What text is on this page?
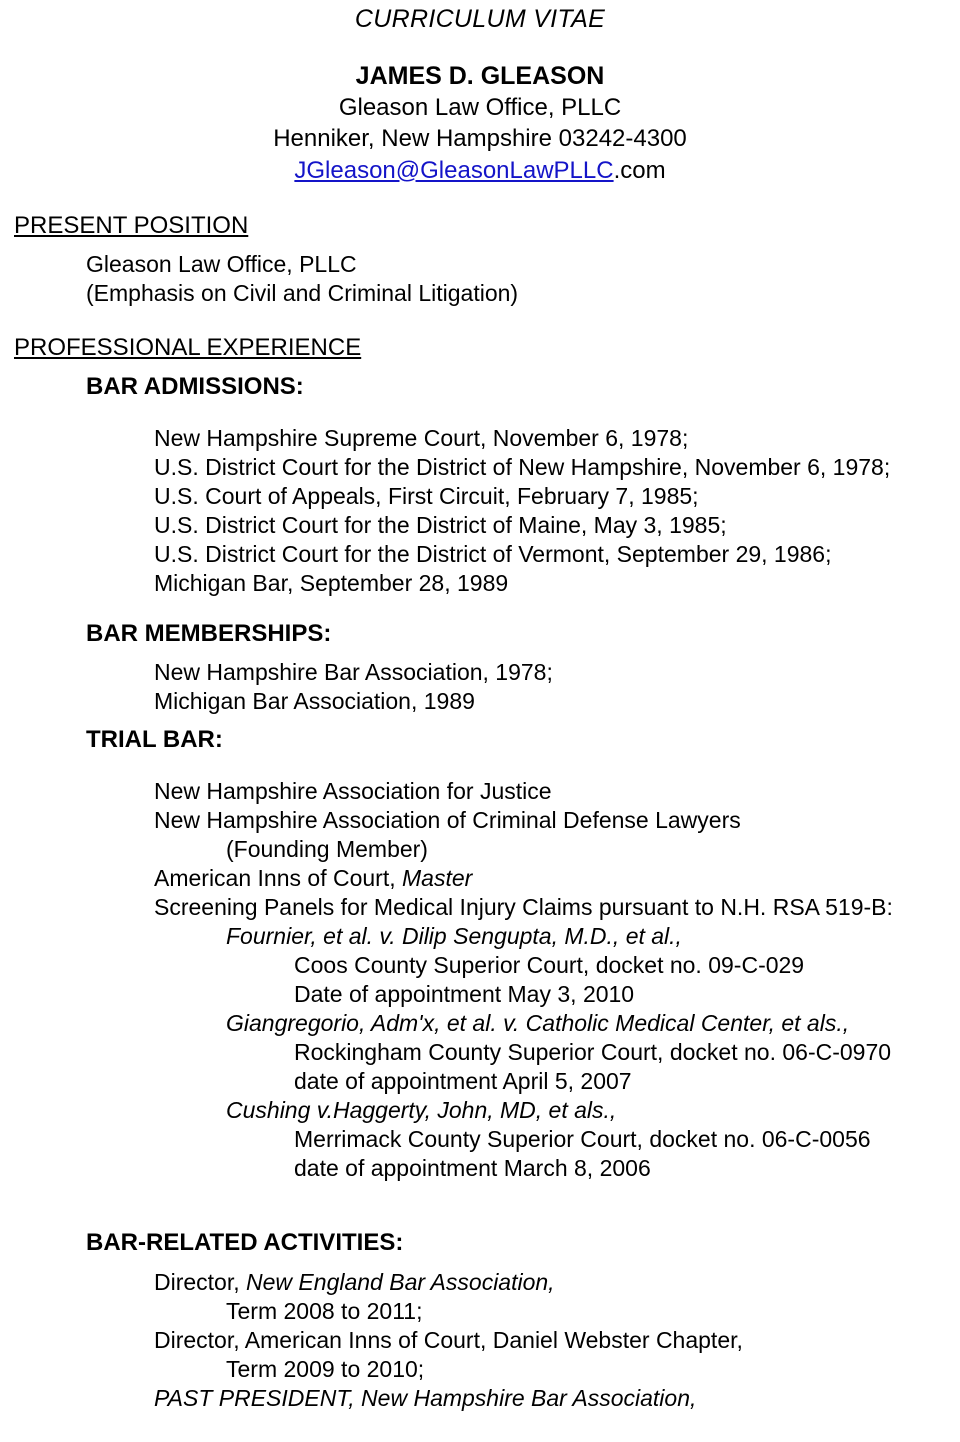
CURRICULUM VITAE
JAMES D. GLEASON
Gleason Law Office, PLLC
Henniker, New Hampshire 03242-4300
JGleason@GleasonLawPLLC.com
PRESENT POSITION
Gleason Law Office, PLLC
(Emphasis on Civil and Criminal Litigation)
PROFESSIONAL EXPERIENCE
BAR ADMISSIONS:
New Hampshire Supreme Court, November 6, 1978;
U.S. District Court for the District of New Hampshire, November 6, 1978;
U.S. Court of Appeals, First Circuit, February 7, 1985;
U.S. District Court for the District of Maine, May 3, 1985;
U.S. District Court for the District of Vermont, September 29, 1986;
Michigan Bar, September 28, 1989
BAR MEMBERSHIPS:
New Hampshire Bar Association, 1978;
Michigan Bar Association, 1989
TRIAL BAR:
New Hampshire Association for Justice
New Hampshire Association of Criminal Defense Lawyers
(Founding Member)
American Inns of Court, Master
Screening Panels for Medical Injury Claims pursuant to N.H. RSA 519-B:
Fournier, et al. v. Dilip Sengupta, M.D., et al.,
Coos County Superior Court, docket no. 09-C-029
Date of appointment May 3, 2010
Giangregorio, Adm'x, et al. v. Catholic Medical Center, et als.,
Rockingham County Superior Court, docket no. 06-C-0970
date of appointment April 5, 2007
Cushing v.Haggerty, John, MD, et als.,
Merrimack County Superior Court, docket no. 06-C-0056
date of appointment March 8, 2006
BAR-RELATED ACTIVITIES:
Director, New England Bar Association,
Term 2008 to 2011;
Director, American Inns of Court, Daniel Webster Chapter,
Term 2009 to 2010;
PAST PRESIDENT, New Hampshire Bar Association,
